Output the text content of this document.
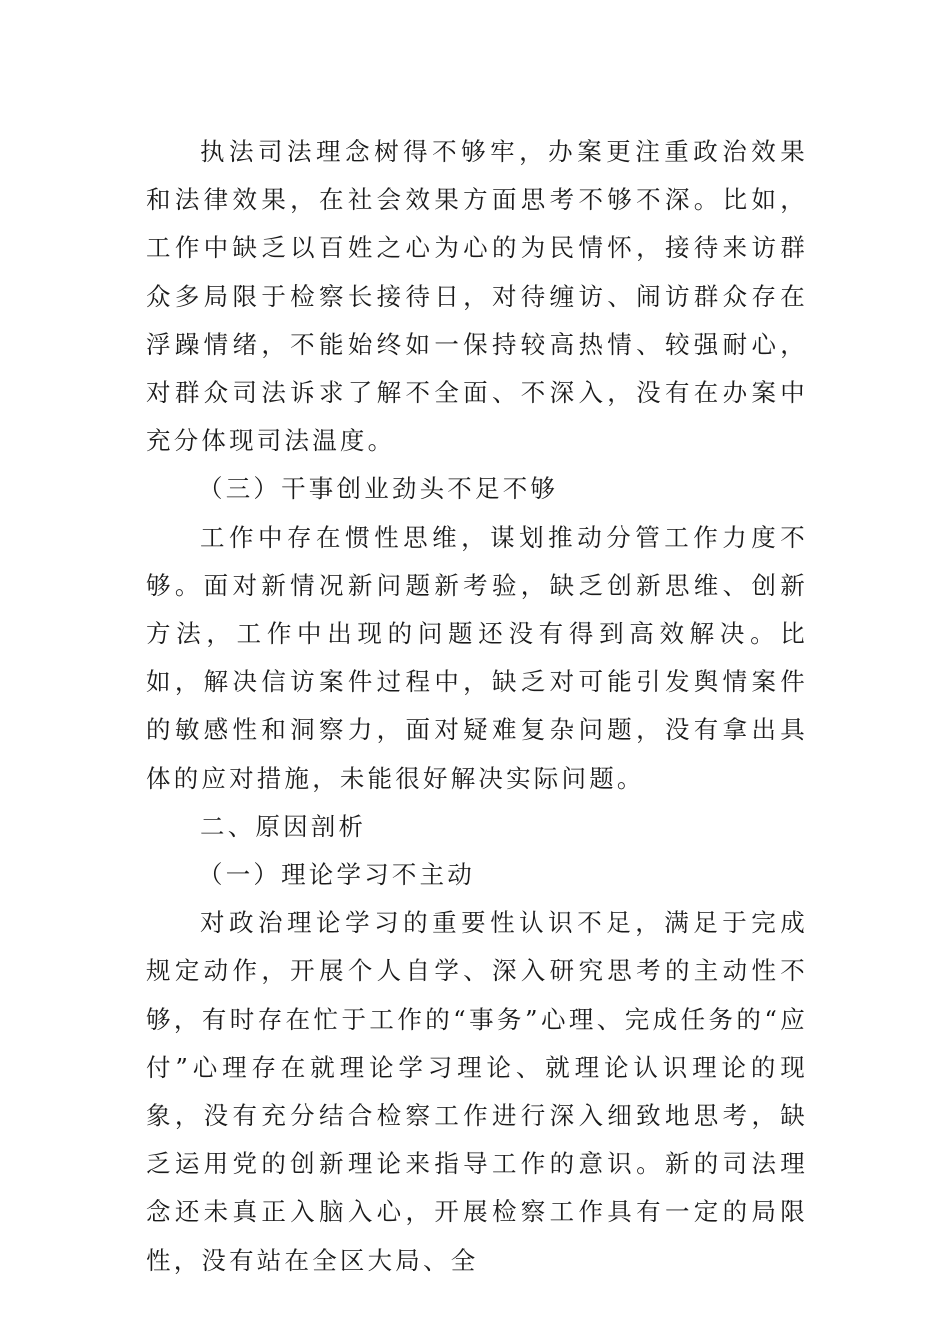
执法司法理念树得不够牢，办案更注重政治效果和法律效果，在社会效果方面思考不够不深。比如，工作中缺乏以百姓之心为心的为民情怀，接待来访群众多局限于检察长接待日，对待缠访、闹访群众存在浮躁情绪，不能始终如一保持较高热情、较强耐心，对群众司法诉求了解不全面、不深入，没有在办案中充分体现司法温度。

（三）干事创业劲头不足不够

工作中存在惯性思维，谋划推动分管工作力度不够。面对新情况新问题新考验，缺乏创新思维、创新方法，工作中出现的问题还没有得到高效解决。比如，解决信访案件过程中，缺乏对可能引发舆情案件的敏感性和洞察力，面对疑难复杂问题，没有拿出具体的应对措施，未能很好解决实际问题。

二、原因剖析

（一）理论学习不主动

对政治理论学习的重要性认识不足，满足于完成规定动作，开展个人自学、深入研究思考的主动性不够，有时存在忙于工作的“事务”心理、完成任务的“应付”心理存在就理论学习理论、就理论认识理论的现象，没有充分结合检察工作进行深入细致地思考，缺乏运用党的创新理论来指导工作的意识。新的司法理念还未真正入脑入心，开展检察工作具有一定的局限性，没有站在全区大局、全
